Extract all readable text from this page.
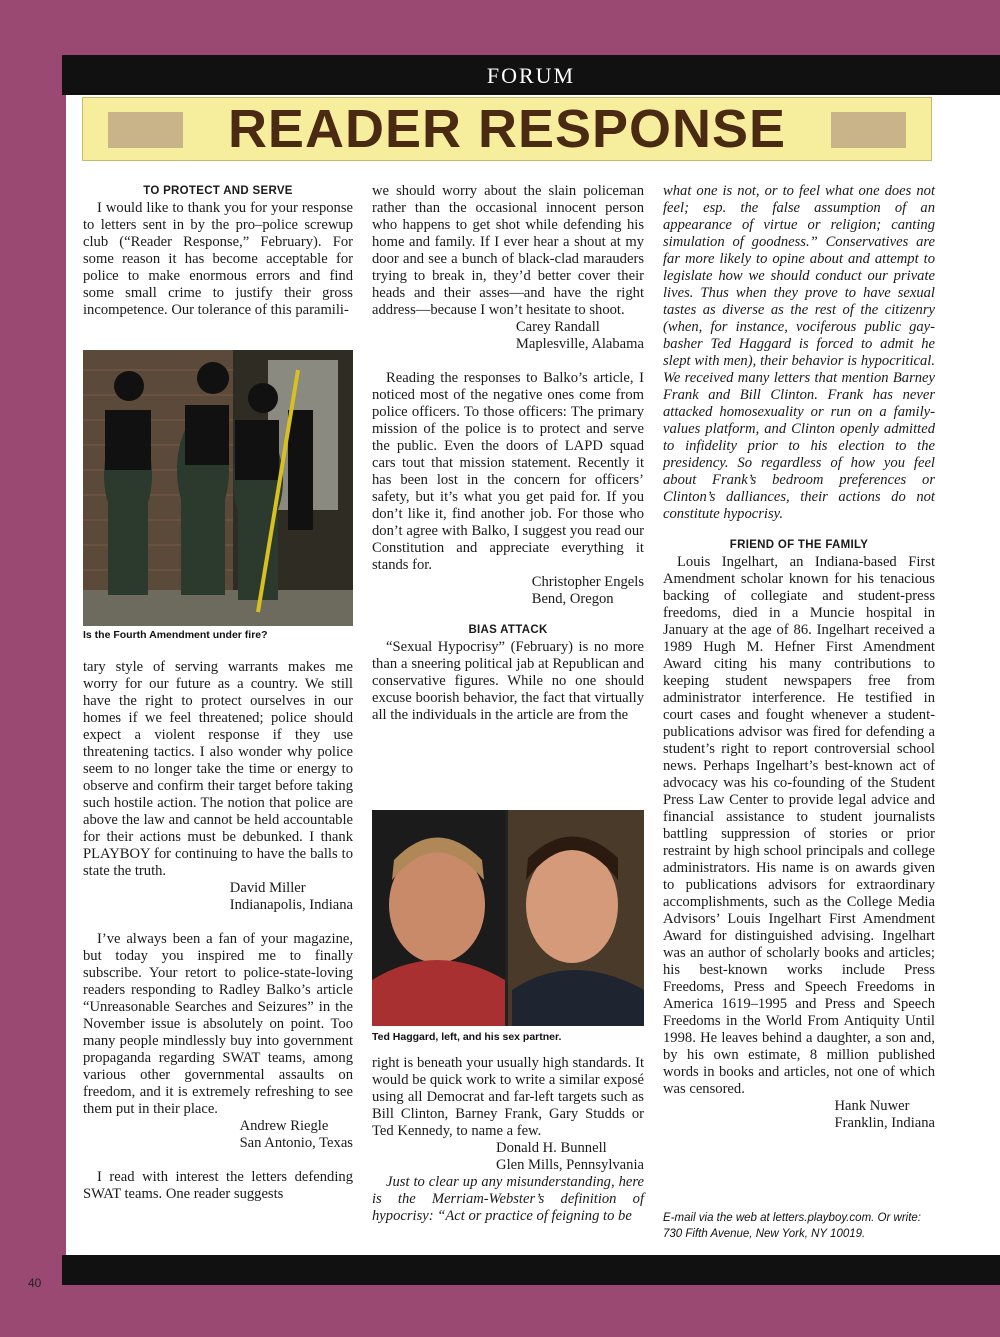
FORUM
40
READER RESPONSE

TO PROTECT AND SERVE

I would like to thank you for your response to letters sent in by the pro–police screwup club (“Reader Response,” February). For some reason it has become acceptable for police to make enormous errors and find some small crime to justify their gross incompetence. Our tolerance of this paramili-

Is the Fourth Amendment under fire?

tary style of serving warrants makes me worry for our future as a country. We still have the right to protect ourselves in our homes if we feel threatened; police should expect a violent response if they use threatening tactics. I also wonder why police seem to no longer take the time or energy to observe and confirm their target before taking such hostile action. The notion that police are above the law and cannot be held accountable for their actions must be debunked. I thank PLAYBOY for continuing to have the balls to state the truth.

David Miller
Indianapolis, Indiana

I’ve always been a fan of your magazine, but today you inspired me to finally subscribe. Your retort to police-state-loving readers responding to Radley Balko’s article “Unreasonable Searches and Seizures” in the November issue is absolutely on point. Too many people mindlessly buy into government propaganda regarding SWAT teams, among various other governmental assaults on freedom, and it is extremely refreshing to see them put in their place.

Andrew Riegle
San Antonio, Texas

I read with interest the letters defending SWAT teams. One reader suggests

we should worry about the slain policeman rather than the occasional innocent person who happens to get shot while defending his home and family. If I ever hear a shout at my door and see a bunch of black-clad marauders trying to break in, they’d better cover their heads and their asses—and have the right address—because I won’t hesitate to shoot.

Carey Randall
Maplesville, Alabama

Reading the responses to Balko’s article, I noticed most of the negative ones come from police officers. To those officers: The primary mission of the police is to protect and serve the public. Even the doors of LAPD squad cars tout that mission statement. Recently it has been lost in the concern for officers’ safety, but it’s what you get paid for. If you don’t like it, find another job. For those who don’t agree with Balko, I suggest you read our Constitution and appreciate everything it stands for.

Christopher Engels
Bend, Oregon

BIAS ATTACK

“Sexual Hypocrisy” (February) is no more than a sneering political jab at Republican and conservative figures. While no one should excuse boorish behavior, the fact that virtually all the individuals in the article are from the

Ted Haggard, left, and his sex partner.

right is beneath your usually high standards. It would be quick work to write a similar exposé using all Democrat and far-left targets such as Bill Clinton, Barney Frank, Gary Studds or Ted Kennedy, to name a few.

Donald H. Bunnell
Glen Mills, Pennsylvania

Just to clear up any misunderstanding, here is the Merriam-Webster’s definition of hypocrisy: “Act or practice of feigning to be

what one is not, or to feel what one does not feel; esp. the false assumption of an appearance of virtue or religion; canting simulation of goodness.” Conservatives are far more likely to opine about and attempt to legislate how we should conduct our private lives. Thus when they prove to have sexual tastes as diverse as the rest of the citizenry (when, for instance, vociferous public gay-basher Ted Haggard is forced to admit he slept with men), their behavior is hypocritical. We received many letters that mention Barney Frank and Bill Clinton. Frank has never attacked homosexuality or run on a family-values platform, and Clinton openly admitted to infidelity prior to his election to the presidency. So regardless of how you feel about Frank’s bedroom preferences or Clinton’s dalliances, their actions do not constitute hypocrisy.

FRIEND OF THE FAMILY

Louis Ingelhart, an Indiana-based First Amendment scholar known for his tenacious backing of collegiate and student-press freedoms, died in a Muncie hospital in January at the age of 86. Ingelhart received a 1989 Hugh M. Hefner First Amendment Award citing his many contributions to keeping student newspapers free from administrator interference. He testified in court cases and fought whenever a student-publications advisor was fired for defending a student’s right to report controversial school news. Perhaps Ingelhart’s best-known act of advocacy was his co-founding of the Student Press Law Center to provide legal advice and financial assistance to student journalists battling suppression of stories or prior restraint by high school principals and college administrators. His name is on awards given to publications advisors for extraordinary accomplishments, such as the College Media Advisors’ Louis Ingelhart First Amendment Award for distinguished advising. Ingelhart was an author of scholarly books and articles; his best-known works include Press Freedoms, Press and Speech Freedoms in America 1619–1995 and Press and Speech Freedoms in the World From Antiquity Until 1998. He leaves behind a daughter, a son and, by his own estimate, 8 million published words in books and articles, not one of which was censored.

Hank Nuwer
Franklin, Indiana

E-mail via the web at letters.playboy.com. Or write: 730 Fifth Avenue, New York, NY 10019.
